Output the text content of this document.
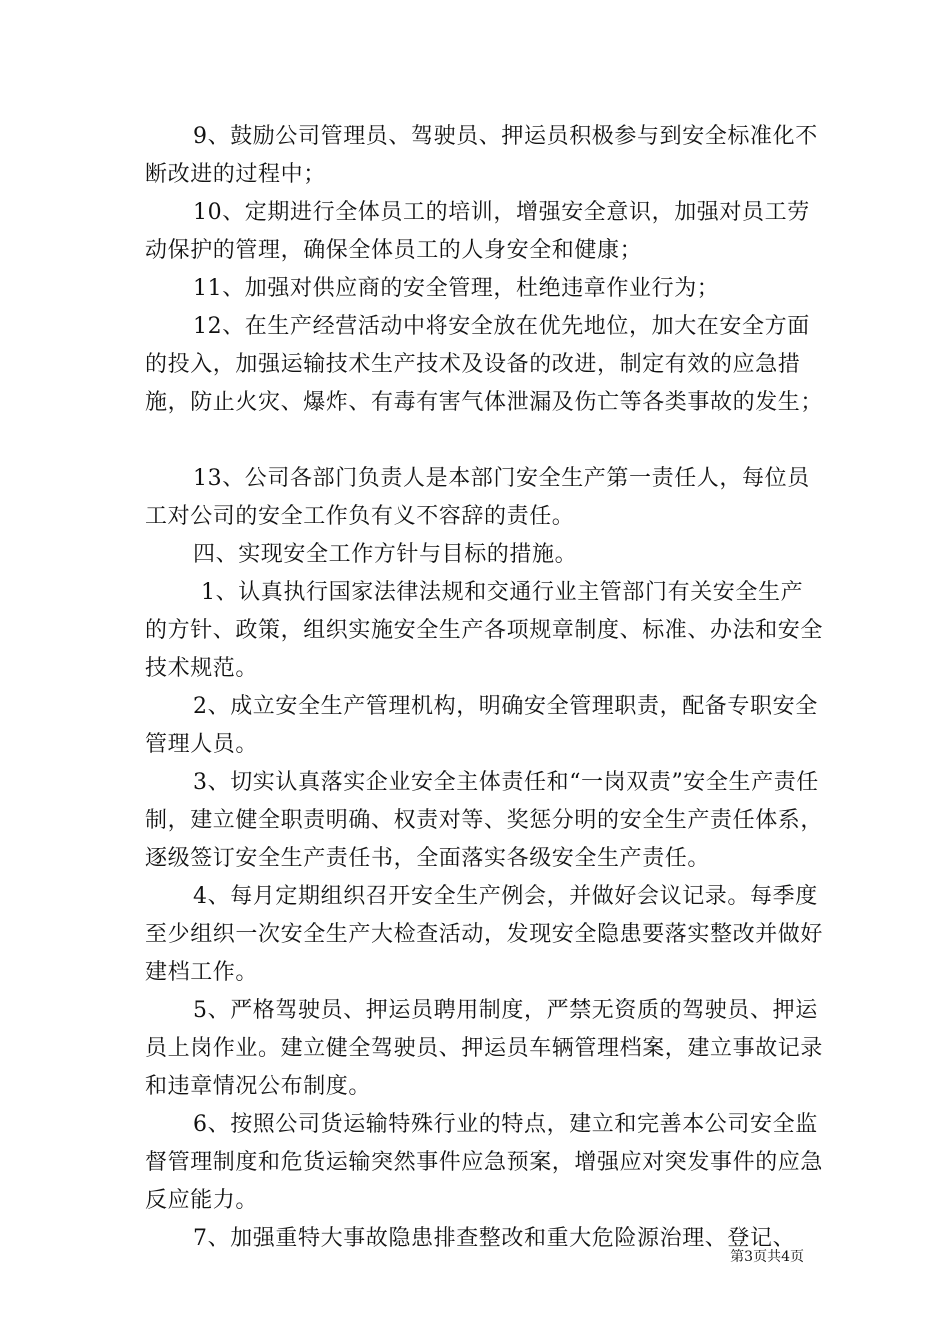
9、鼓励公司管理员、驾驶员、押运员积极参与到安全标准化不断改进的过程中；

10、定期进行全体员工的培训，增强安全意识，加强对员工劳动保护的管理，确保全体员工的人身安全和健康；

11、加强对供应商的安全管理，杜绝违章作业行为；

12、在生产经营活动中将安全放在优先地位，加大在安全方面的投入，加强运输技术生产技术及设备的改进，制定有效的应急措施，防止火灾、爆炸、有毒有害气体泄漏及伤亡等各类事故的发生；

13、公司各部门负责人是本部门安全生产第一责任人，每位员工对公司的安全工作负有义不容辞的责任。

四、实现安全工作方针与目标的措施。

1、认真执行国家法律法规和交通行业主管部门有关安全生产的方针、政策，组织实施安全生产各项规章制度、标准、办法和安全技术规范。

2、成立安全生产管理机构，明确安全管理职责，配备专职安全管理人员。

3、切实认真落实企业安全主体责任和“一岗双责”安全生产责任制，建立健全职责明确、权责对等、奖惩分明的安全生产责任体系，逐级签订安全生产责任书，全面落实各级安全生产责任。

4、每月定期组织召开安全生产例会，并做好会议记录。每季度至少组织一次安全生产大检查活动，发现安全隐患要落实整改并做好建档工作。

5、严格驾驶员、押运员聘用制度，严禁无资质的驾驶员、押运员上岗作业。建立健全驾驶员、押运员车辆管理档案，建立事故记录和违章情况公布制度。

6、按照公司货运输特殊行业的特点，建立和完善本公司安全监督管理制度和危货运输突然事件应急预案，增强应对突发事件的应急反应能力。

7、加强重特大事故隐患排查整改和重大危险源治理、登记、

第3页共4页
